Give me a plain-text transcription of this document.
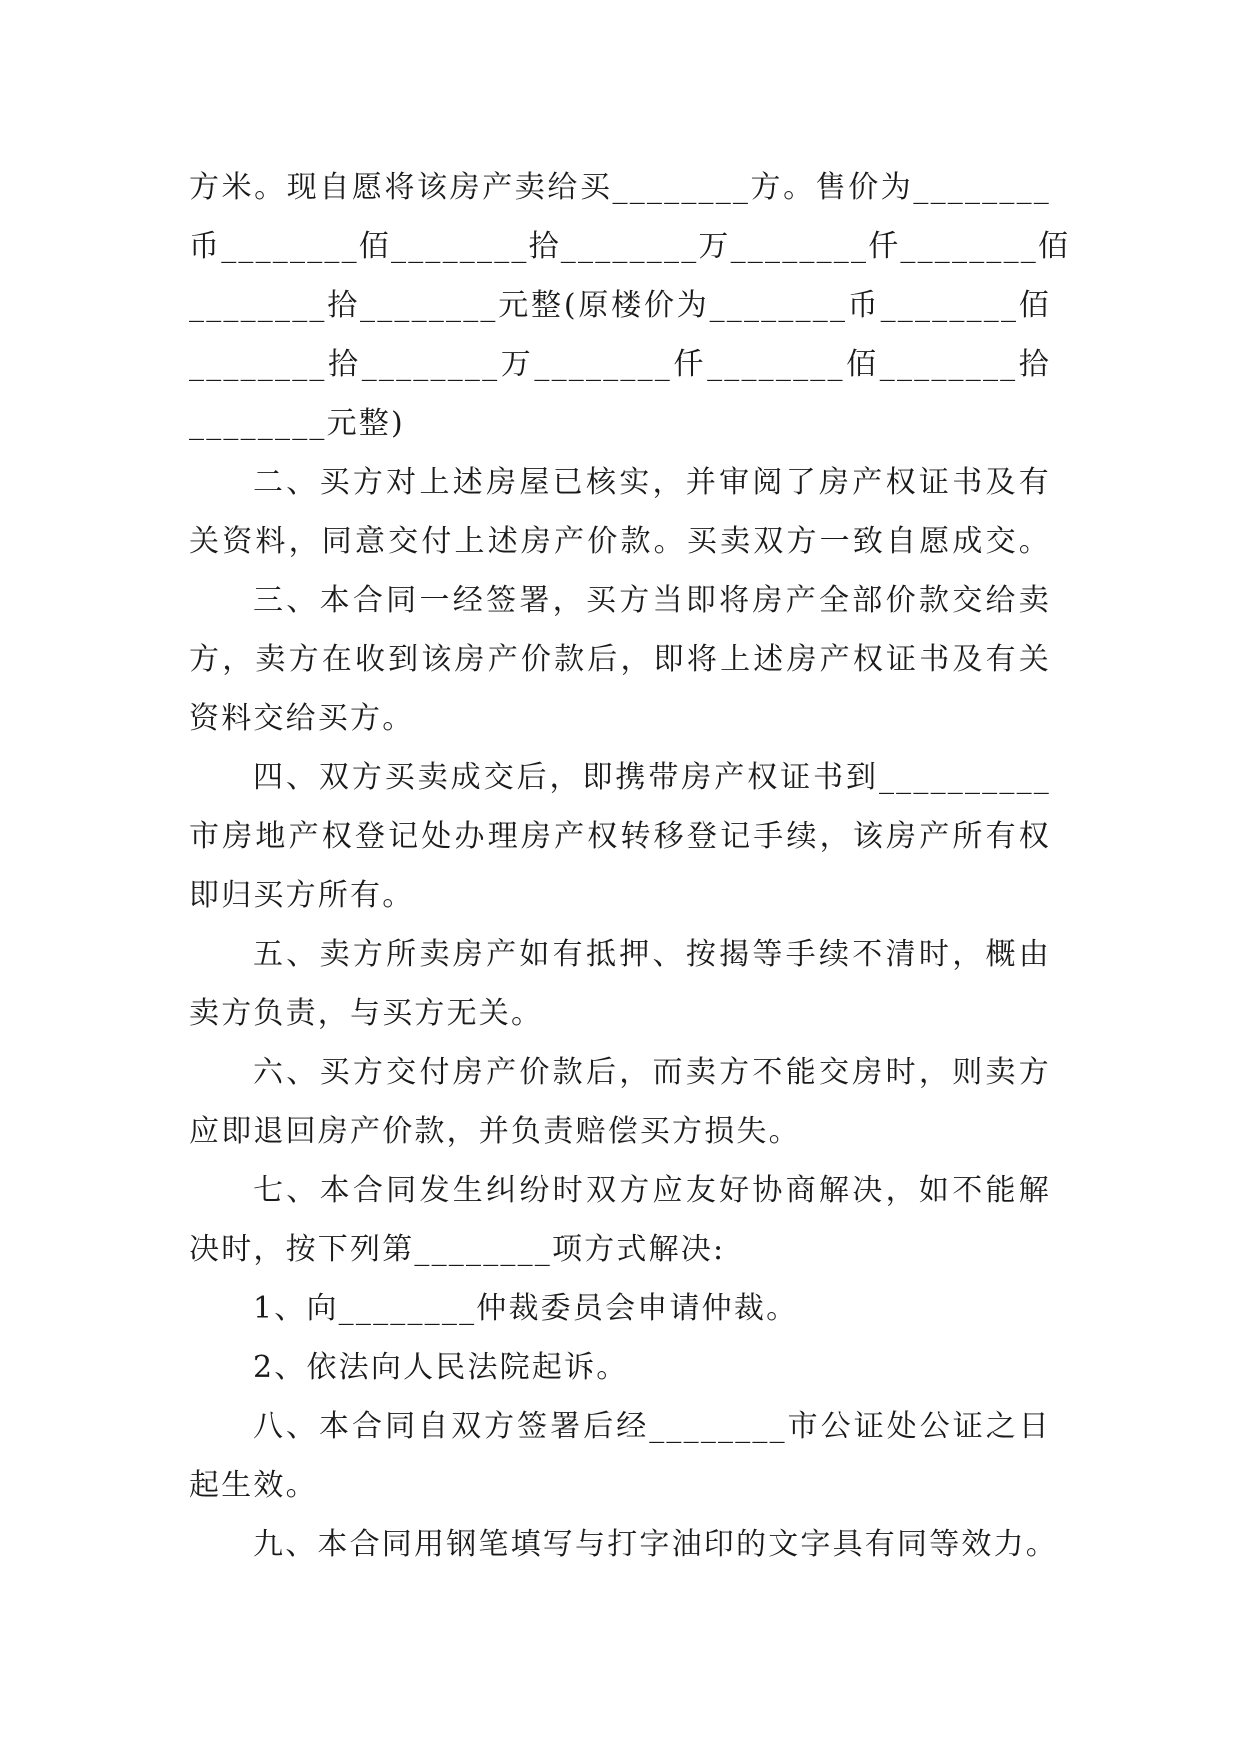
方米。现自愿将该房产卖给买________方。售价为________
币________佰________拾________万________仟________佰
________拾________元整(原楼价为________币________佰
________拾________万________仟________佰________拾
________元整)
二、买方对上述房屋已核实，并审阅了房产权证书及有
关资料，同意交付上述房产价款。买卖双方一致自愿成交。
三、本合同一经签署，买方当即将房产全部价款交给卖
方，卖方在收到该房产价款后，即将上述房产权证书及有关
资料交给买方。
四、双方买卖成交后，即携带房产权证书到__________
市房地产权登记处办理房产权转移登记手续，该房产所有权
即归买方所有。
五、卖方所卖房产如有抵押、按揭等手续不清时，概由
卖方负责，与买方无关。
六、买方交付房产价款后，而卖方不能交房时，则卖方
应即退回房产价款，并负责赔偿买方损失。
七、本合同发生纠纷时双方应友好协商解决，如不能解
决时，按下列第________项方式解决:
1、向________仲裁委员会申请仲裁。
2、依法向人民法院起诉。
八、本合同自双方签署后经________市公证处公证之日
起生效。
九、本合同用钢笔填写与打字油印的文字具有同等效力。
